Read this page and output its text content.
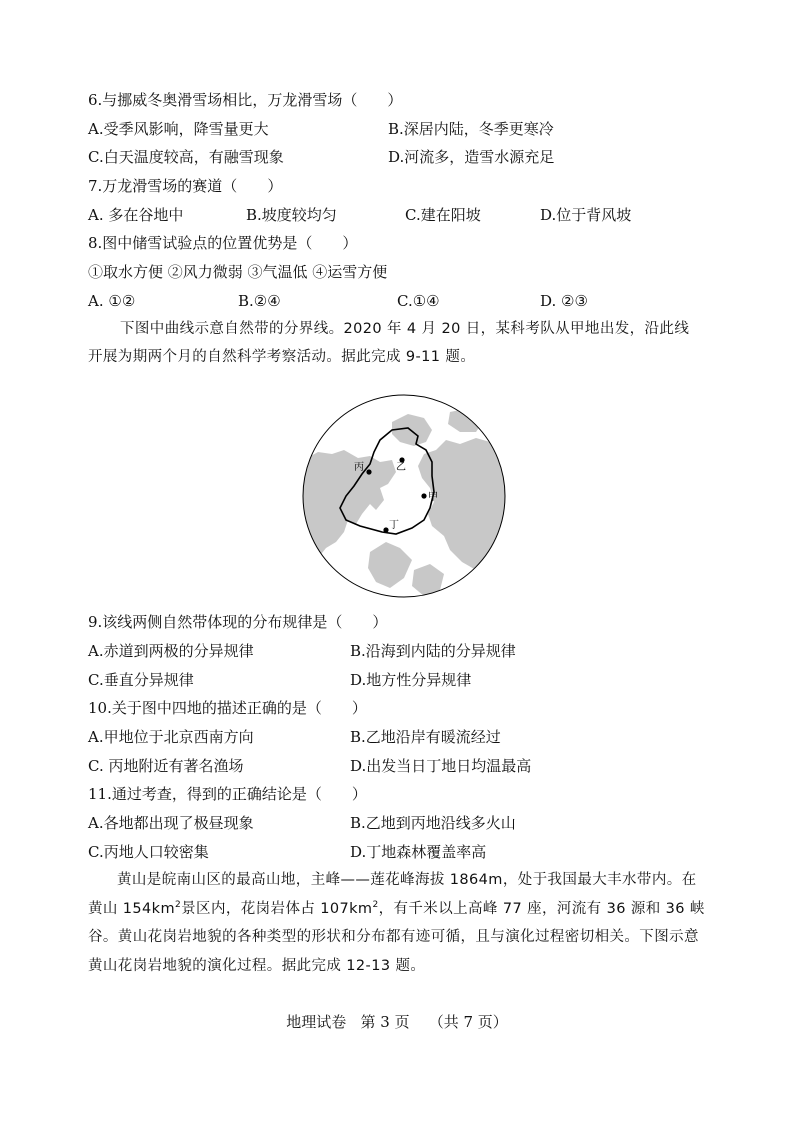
6.与挪威冬奥滑雪场相比，万龙滑雪场（　　）
A.受季风影响，降雪量更大	B.深居内陆，冬季更寒冷
C.白天温度较高，有融雪现象	D.河流多，造雪水源充足
7.万龙滑雪场的赛道（　　）
A. 多在谷地中	B.坡度较均匀	C.建在阳坡	D.位于背风坡
8.图中储雪试验点的位置优势是（　　）
①取水方便 ②风力微弱 ③气温低 ④运雪方便
A. ①②	B.②④	C.①④	D. ②③
下图中曲线示意自然带的分界线。2020 年 4 月 20 日，某科考队从甲地出发，沿此线
开展为期两个月的自然科学考察活动。据此完成 9-11 题。
甲
乙
丙
丁
9.该线两侧自然带体现的分布规律是（　　）
A.赤道到两极的分异规律	B.沿海到内陆的分异规律
C.垂直分异规律	D.地方性分异规律
10.关于图中四地的描述正确的是（　　）
A.甲地位于北京西南方向	B.乙地沿岸有暖流经过
C. 丙地附近有著名渔场	D.出发当日丁地日均温最高
11.通过考查，得到的正确结论是（　　）
A.各地都出现了极昼现象	B.乙地到丙地沿线多火山
C.丙地人口较密集	D.丁地森林覆盖率高

黄山是皖南山区的最高山地，主峰——莲花峰海拔 1864m，处于我国最大丰水带内。在黄山 $154km^2$景区内，花岗岩体占 $107km^2$，有千米以上高峰 77 座，河流有 36 源和 36 峡谷。黄山花岗岩地貌的各种类型的形状和分布都有迹可循，且与演化过程密切相关。下图示意黄山花岗岩地貌的演化过程。据此完成 12-13 题。

地理试卷 第 3 页 （共 7 页）
